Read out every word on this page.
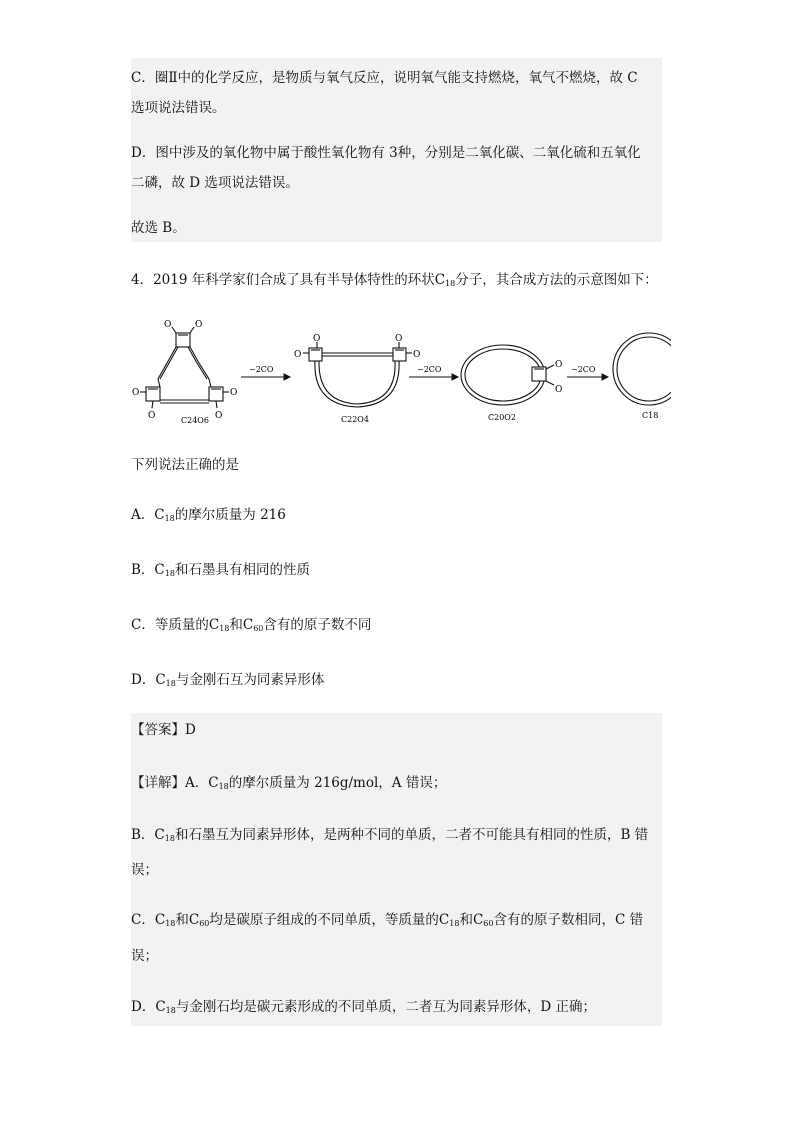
C．圈Ⅱ中的化学反应，是物质与氧气反应，说明氧气能支持燃烧，氧气不燃烧，故 C
选项说法错误。
D．图中涉及的氧化物中属于酸性氧化物有 3种，分别是二氧化碳、二氧化硫和五氧化
二磷，故 D 选项说法错误。
故选 B。
4．2019 年科学家们合成了具有半导体特性的环状$C_{18}$分子，其合成方法的示意图如下：
O	O
O
O
O
O
C24O6
−2CO
O
O
O
O
C22O4
−2CO	O
O
C20O2
−2CO
C18
下列说法正确的是
A．$C_{18}$的摩尔质量为 216
B．$C_{18}$和石墨具有相同的性质
C．等质量的$C_{18}$和$C_{60}$含有的原子数不同
D．$C_{18}$与金刚石互为同素异形体
【答案】D
【详解】A．$C_{18}$的摩尔质量为 216g/mol，A 错误；
B．$C_{18}$和石墨互为同素异形体，是两种不同的单质，二者不可能具有相同的性质，B 错
误；
C．$C_{18}$和$C_{60}$均是碳原子组成的不同单质，等质量的$C_{18}$和$C_{60}$含有的原子数相同，C 错
误；
D．$C_{18}$与金刚石均是碳元素形成的不同单质，二者互为同素异形体，D 正确；
